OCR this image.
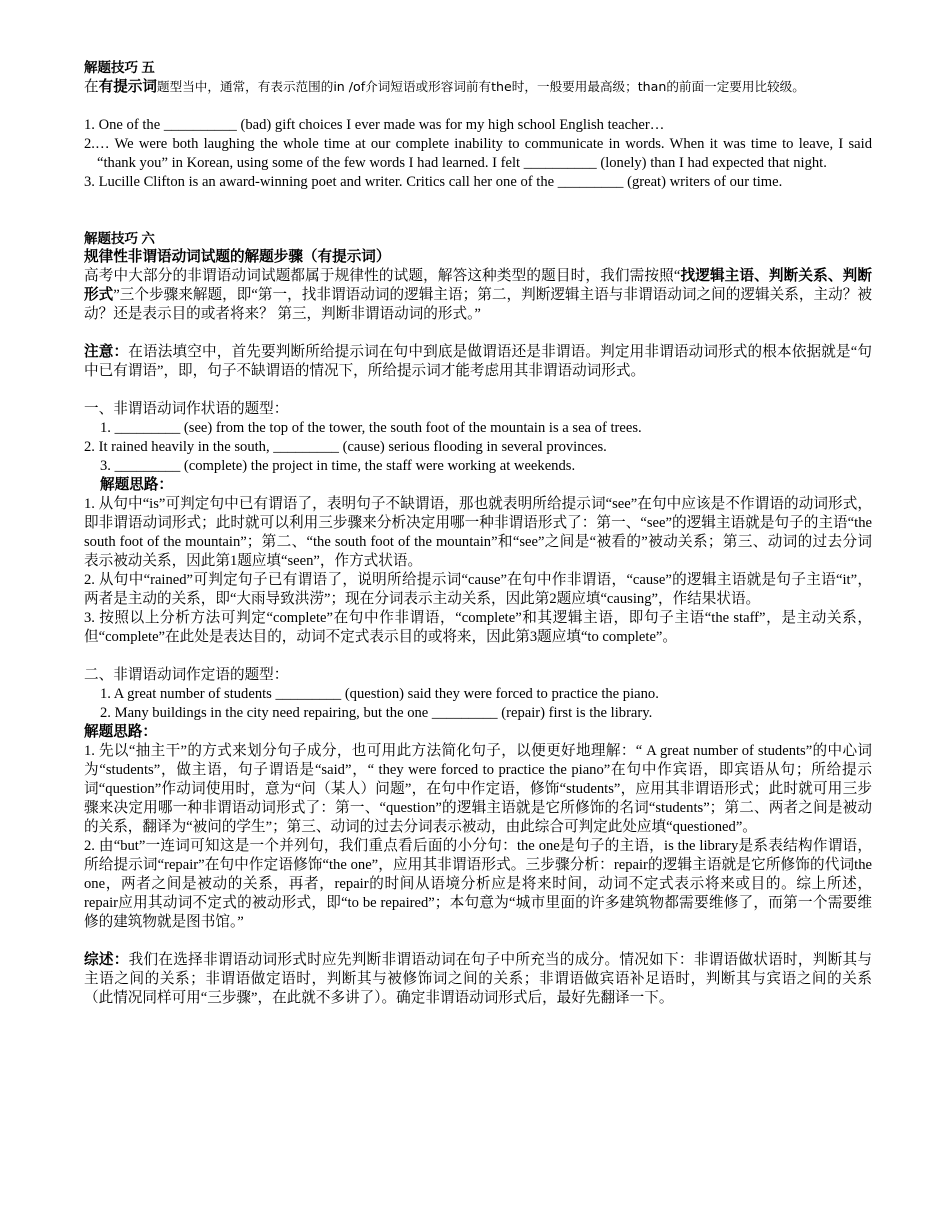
解题技巧 五

在有提示词题型当中，通常，有表示范围的in /of介词短语或形容词前有the时，一般要用最高级；than的前面一定要用比较级。

1. One of the __________ (bad) gift choices I ever made was for my high school English teacher…

2.… We were both laughing the whole time at our complete inability to communicate in words. When it was time to leave, I said “thank you” in Korean, using some of the few words I had learned. I felt __________ (lonely) than I had expected that night.

3. Lucille Clifton is an award-winning poet and writer. Critics call her one of the _________ (great) writers of our time.

解题技巧 六

规律性非谓语动词试题的解题步骤（有提示词）

高考中大部分的非谓语动词试题都属于规律性的试题，解答这种类型的题目时，我们需按照“找逻辑主语、判断关系、判断形式”三个步骤来解题，即“第一，找非谓语动词的逻辑主语；第二，判断逻辑主语与非谓语动词之间的逻辑关系，主动？被动？还是表示目的或者将来？ 第三，判断非谓语动词的形式。”

注意：在语法填空中，首先要判断所给提示词在句中到底是做谓语还是非谓语。判定用非谓语动词形式的根本依据就是“句中已有谓语”，即，句子不缺谓语的情况下，所给提示词才能考虑用其非谓语动词形式。

一、非谓语动词作状语的题型：

1. _________ (see) from the top of the tower, the south foot of the mountain is a sea of trees.

2. It rained heavily in the south, _________ (cause) serious flooding in several provinces.

3. _________ (complete) the project in time, the staff were working at weekends.

解题思路：

1. 从句中“is”可判定句中已有谓语了，表明句子不缺谓语，那也就表明所给提示词“see”在句中应该是不作谓语的动词形式，即非谓语动词形式；此时就可以利用三步骤来分析决定用哪一种非谓语形式了：第一、“see”的逻辑主语就是句子的主语“the south foot of the mountain”；第二、“the south foot of the mountain”和“see”之间是“被看的”被动关系；第三、动词的过去分词表示被动关系，因此第1题应填“seen”，作方式状语。

2. 从句中“rained”可判定句子已有谓语了，说明所给提示词“cause”在句中作非谓语，“cause”的逻辑主语就是句子主语“it”，两者是主动的关系，即“大雨导致洪涝”；现在分词表示主动关系，因此第2题应填“causing”，作结果状语。

3. 按照以上分析方法可判定“complete”在句中作非谓语，“complete”和其逻辑主语，即句子主语“the staff”，是主动关系，但“complete”在此处是表达目的，动词不定式表示目的或将来，因此第3题应填“to complete”。

二、非谓语动词作定语的题型：

1. A great number of students _________ (question) said they were forced to practice the piano.

2. Many buildings in the city need repairing, but the one _________ (repair) first is the library.

解题思路：

1. 先以“抽主干”的方式来划分句子成分，也可用此方法简化句子，以便更好地理解：“ A great number of students”的中心词为“students”，做主语，句子谓语是“said”，“ they were forced to practice the piano”在句中作宾语，即宾语从句；所给提示词“question”作动词使用时，意为“问（某人）问题”，在句中作定语，修饰“students”，应用其非谓语形式；此时就可用三步骤来决定用哪一种非谓语动词形式了：第一、“question”的逻辑主语就是它所修饰的名词“students”；第二、两者之间是被动的关系，翻译为“被问的学生”；第三、动词的过去分词表示被动，由此综合可判定此处应填“questioned”。

2. 由“but”一连词可知这是一个并列句，我们重点看后面的小分句：the one是句子的主语，is the library是系表结构作谓语，所给提示词“repair”在句中作定语修饰“the one”，应用其非谓语形式。三步骤分析：repair的逻辑主语就是它所修饰的代词the one，两者之间是被动的关系，再者，repair的时间从语境分析应是将来时间，动词不定式表示将来或目的。综上所述，repair应用其动词不定式的被动形式，即“to be repaired”；本句意为“城市里面的许多建筑物都需要维修了，而第一个需要维修的建筑物就是图书馆。”

综述：我们在选择非谓语动词形式时应先判断非谓语动词在句子中所充当的成分。情况如下：非谓语做状语时，判断其与主语之间的关系；非谓语做定语时，判断其与被修饰词之间的关系；非谓语做宾语补足语时，判断其与宾语之间的关系（此情况同样可用“三步骤”，在此就不多讲了）。确定非谓语动词形式后，最好先翻译一下。
